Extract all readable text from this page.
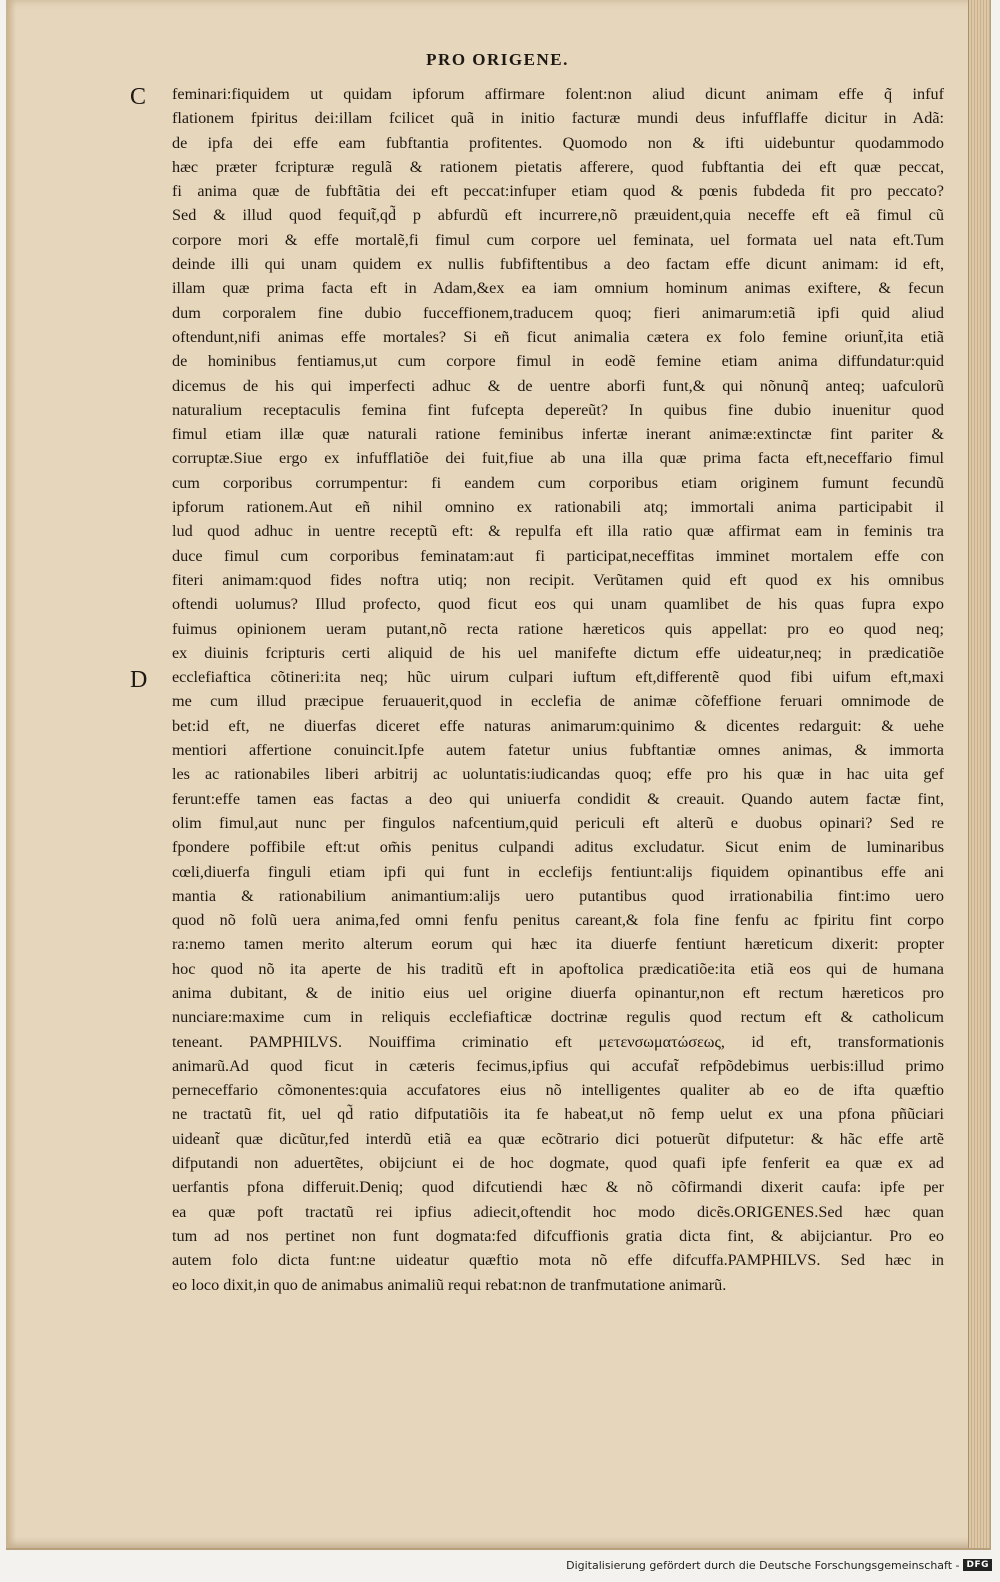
PRO ORIGENE.
C
D
feminari:fiquidem ut quidam ipforum affirmare folent:non aliud dicunt animam effe q̃ infuf
flationem fpiritus dei:illam fcilicet quã in initio facturæ mundi deus infufflaffe dicitur in Adã:
de ipfa dei effe eam fubftantia profitentes. Quomodo non & ifti uidebuntur quodammodo
hæc præter fcripturæ regulã & rationem pietatis afferere, quod fubftantia dei eft quæ peccat,
fi anima quæ de fubftãtia dei eft peccat:infuper etiam quod & pœnis fubdeda fit pro peccato?
Sed & illud quod fequit̃,qd̃ p abfurdũ eft incurrere,nõ præuident,quia neceffe eft eã fimul cũ
corpore mori & effe mortalẽ,fi fimul cum corpore uel feminata, uel formata uel nata eft.Tum
deinde illi qui unam quidem ex nullis fubfiftentibus a deo factam effe dicunt animam: id eft,
illam quæ prima facta eft in Adam,&ex ea iam omnium hominum animas exiftere, & fecun
dum corporalem fine dubio fucceffionem,traducem quoq; fieri animarum:etiã ipfi quid aliud
oftendunt,nifi animas effe mortales? Si eñ ficut animalia cætera ex folo femine oriunt̃,ita etiã
de hominibus fentiamus,ut cum corpore fimul in eodẽ femine etiam anima diffundatur:quid
dicemus de his qui imperfecti adhuc & de uentre aborfi funt,& qui nõnunq̃ anteq; uafculorũ
naturalium receptaculis femina fint fufcepta depereũt? In quibus fine dubio inuenitur quod
fimul etiam illæ quæ naturali ratione feminibus infertæ inerant animæ:extinctæ fint pariter &
corruptæ.Siue ergo ex infufflatiõe dei fuit,fiue ab una illa quæ prima facta eft,neceffario fimul
cum corporibus corrumpentur: fi eandem cum corporibus etiam originem fumunt fecundũ
ipforum rationem.Aut eñ nihil omnino ex rationabili atq; immortali anima participabit il
lud quod adhuc in uentre receptũ eft: & repulfa eft illa ratio quæ affirmat eam in feminis tra
duce fimul cum corporibus feminatam:aut fi participat,neceffitas imminet mortalem effe con
fiteri animam:quod fides noftra utiq; non recipit. Verũtamen quid eft quod ex his omnibus
oftendi uolumus? Illud profecto, quod ficut eos qui unam quamlibet de his quas fupra expo
fuimus opinionem ueram putant,nõ recta ratione hæreticos quis appellat: pro eo quod neq;
ex diuinis fcripturis certi aliquid de his uel manifefte dictum effe uideatur,neq; in prædicatiõe
ecclefiaftica cõtineri:ita neq; hũc uirum culpari iuftum eft,differentẽ quod fibi uifum eft,maxi
me cum illud præcipue feruauerit,quod in ecclefia de animæ cõfeffione feruari omnimode de
bet:id eft, ne diuerfas diceret effe naturas animarum:quinimo & dicentes redarguit: & uehe
mentiori affertione conuincit.Ipfe autem fatetur unius fubftantiæ omnes animas, & immorta
les ac rationabiles liberi arbitrij ac uoluntatis:iudicandas quoq; effe pro his quæ in hac uita gef
ferunt:effe tamen eas factas a deo qui uniuerfa condidit & creauit. Quando autem factæ fint,
olim fimul,aut nunc per fingulos nafcentium,quid periculi eft alterũ e duobus opinari? Sed re
fpondere poffibile eft:ut om̃is penitus culpandi aditus excludatur. Sicut enim de luminaribus
cœli,diuerfa finguli etiam ipfi qui funt in ecclefijs fentiunt:alijs fiquidem opinantibus effe ani
mantia & rationabilium animantium:alijs uero putantibus quod irrationabilia fint:imo uero
quod nõ folũ uera anima,fed omni fenfu penitus careant,& fola fine fenfu ac fpiritu fint corpo
ra:nemo tamen merito alterum eorum qui hæc ita diuerfe fentiunt hæreticum dixerit: propter
hoc quod nõ ita aperte de his traditũ eft in apoftolica prædicatiõe:ita etiã eos qui de humana
anima dubitant, & de initio eius uel origine diuerfa opinantur,non eft rectum hæreticos pro
nunciare:maxime cum in reliquis ecclefiafticæ doctrinæ regulis quod rectum eft & catholicum
teneant. PAMPHILVS. Nouiffima criminatio eft μετενσωματώσεως, id eft, transformationis
animarũ.Ad quod ficut in cæteris fecimus,ipfius qui accufat̃ refpõdebimus uerbis:illud primo
perneceffario cõmonentes:quia accufatores eius nõ intelligentes qualiter ab eo de ifta quæftio
ne tractatũ fit, uel qd̃ ratio difputatiõis ita fe habeat,ut nõ femp uelut ex una pfona pñũciari
uideant̃ quæ dicũtur,fed interdũ etiã ea quæ ecõtrario dici potuerũt difputetur: & hãc effe artẽ
difputandi non aduertẽtes, obijciunt ei de hoc dogmate, quod quafi ipfe fenferit ea quæ ex ad
uerfantis pfona differuit.Deniq; quod difcutiendi hæc & nõ cõfirmandi dixerit caufa: ipfe per
ea quæ poft tractatũ rei ipfius adiecit,oftendit hoc modo dicẽs.ORIGENES.Sed hæc quan
tum ad nos pertinet non funt dogmata:fed difcuffionis gratia dicta fint, & abijciantur. Pro eo
autem folo dicta funt:ne uideatur quæftio mota nõ effe difcuffa.PAMPHILVS. Sed hæc in
eo loco dixit,in quo de animabus animaliũ requi rebat:non de tranfmutatione animarũ.
Digitalisierung gefördert durch die Deutsche Forschungsgemeinschaft - DFG
